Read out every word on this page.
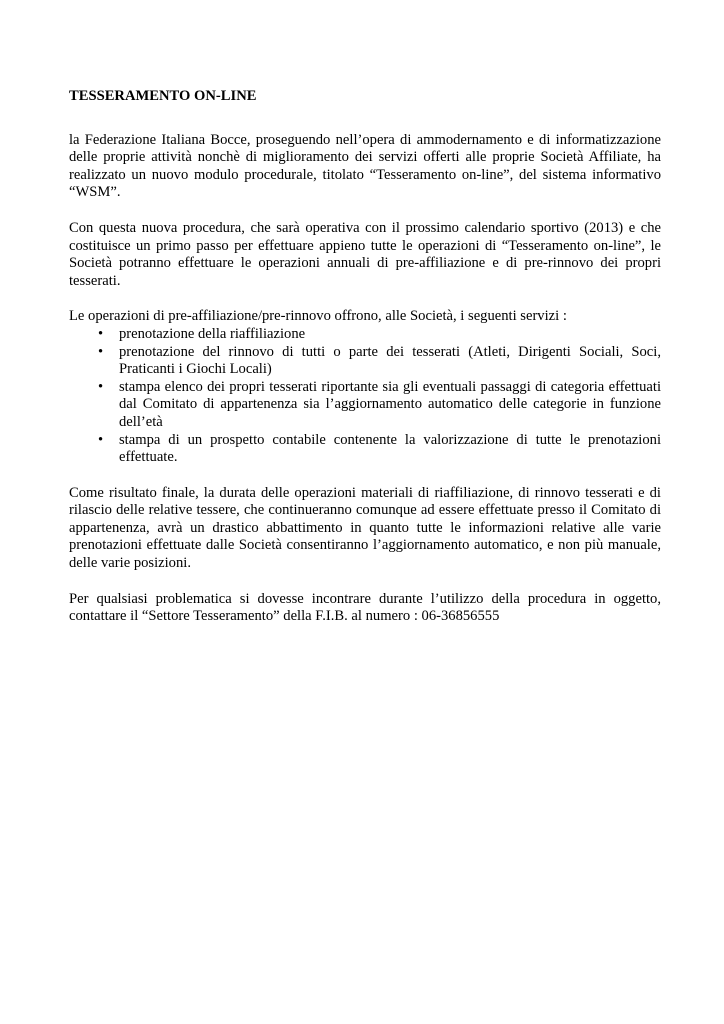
TESSERAMENTO ON-LINE

la Federazione Italiana Bocce, proseguendo nell’opera di ammodernamento e di informatizzazione delle proprie attività nonchè di miglioramento dei servizi offerti alle proprie Società Affiliate, ha realizzato un nuovo modulo procedurale, titolato “Tesseramento on-line”, del sistema informativo “WSM”.

Con questa nuova procedura, che sarà operativa con il prossimo calendario sportivo (2013) e che costituisce un primo passo per effettuare appieno tutte le operazioni di “Tesseramento on-line”, le Società potranno effettuare le operazioni annuali di pre-affiliazione e di pre-rinnovo dei propri tesserati.

Le operazioni di pre-affiliazione/pre-rinnovo offrono, alle Società, i seguenti servizi :

• prenotazione della riaffiliazione
• prenotazione del rinnovo di tutti o parte dei tesserati (Atleti, Dirigenti Sociali, Soci, Praticanti i Giochi Locali)
• stampa elenco dei propri tesserati riportante sia gli eventuali passaggi di categoria effettuati dal Comitato di appartenenza sia l’aggiornamento automatico delle categorie in funzione dell’età
• stampa di un prospetto contabile contenente la valorizzazione di tutte le prenotazioni effettuate.

Come risultato finale, la durata delle operazioni materiali di riaffiliazione, di rinnovo tesserati e di rilascio delle relative tessere, che continueranno comunque ad essere effettuate presso il Comitato di appartenenza, avrà un drastico abbattimento in quanto tutte le informazioni relative alle varie prenotazioni effettuate dalle Società consentiranno l’aggiornamento automatico, e non più manuale, delle varie posizioni.

Per qualsiasi problematica si dovesse incontrare durante l’utilizzo della procedura in oggetto, contattare il “Settore Tesseramento” della F.I.B. al numero : 06-36856555
